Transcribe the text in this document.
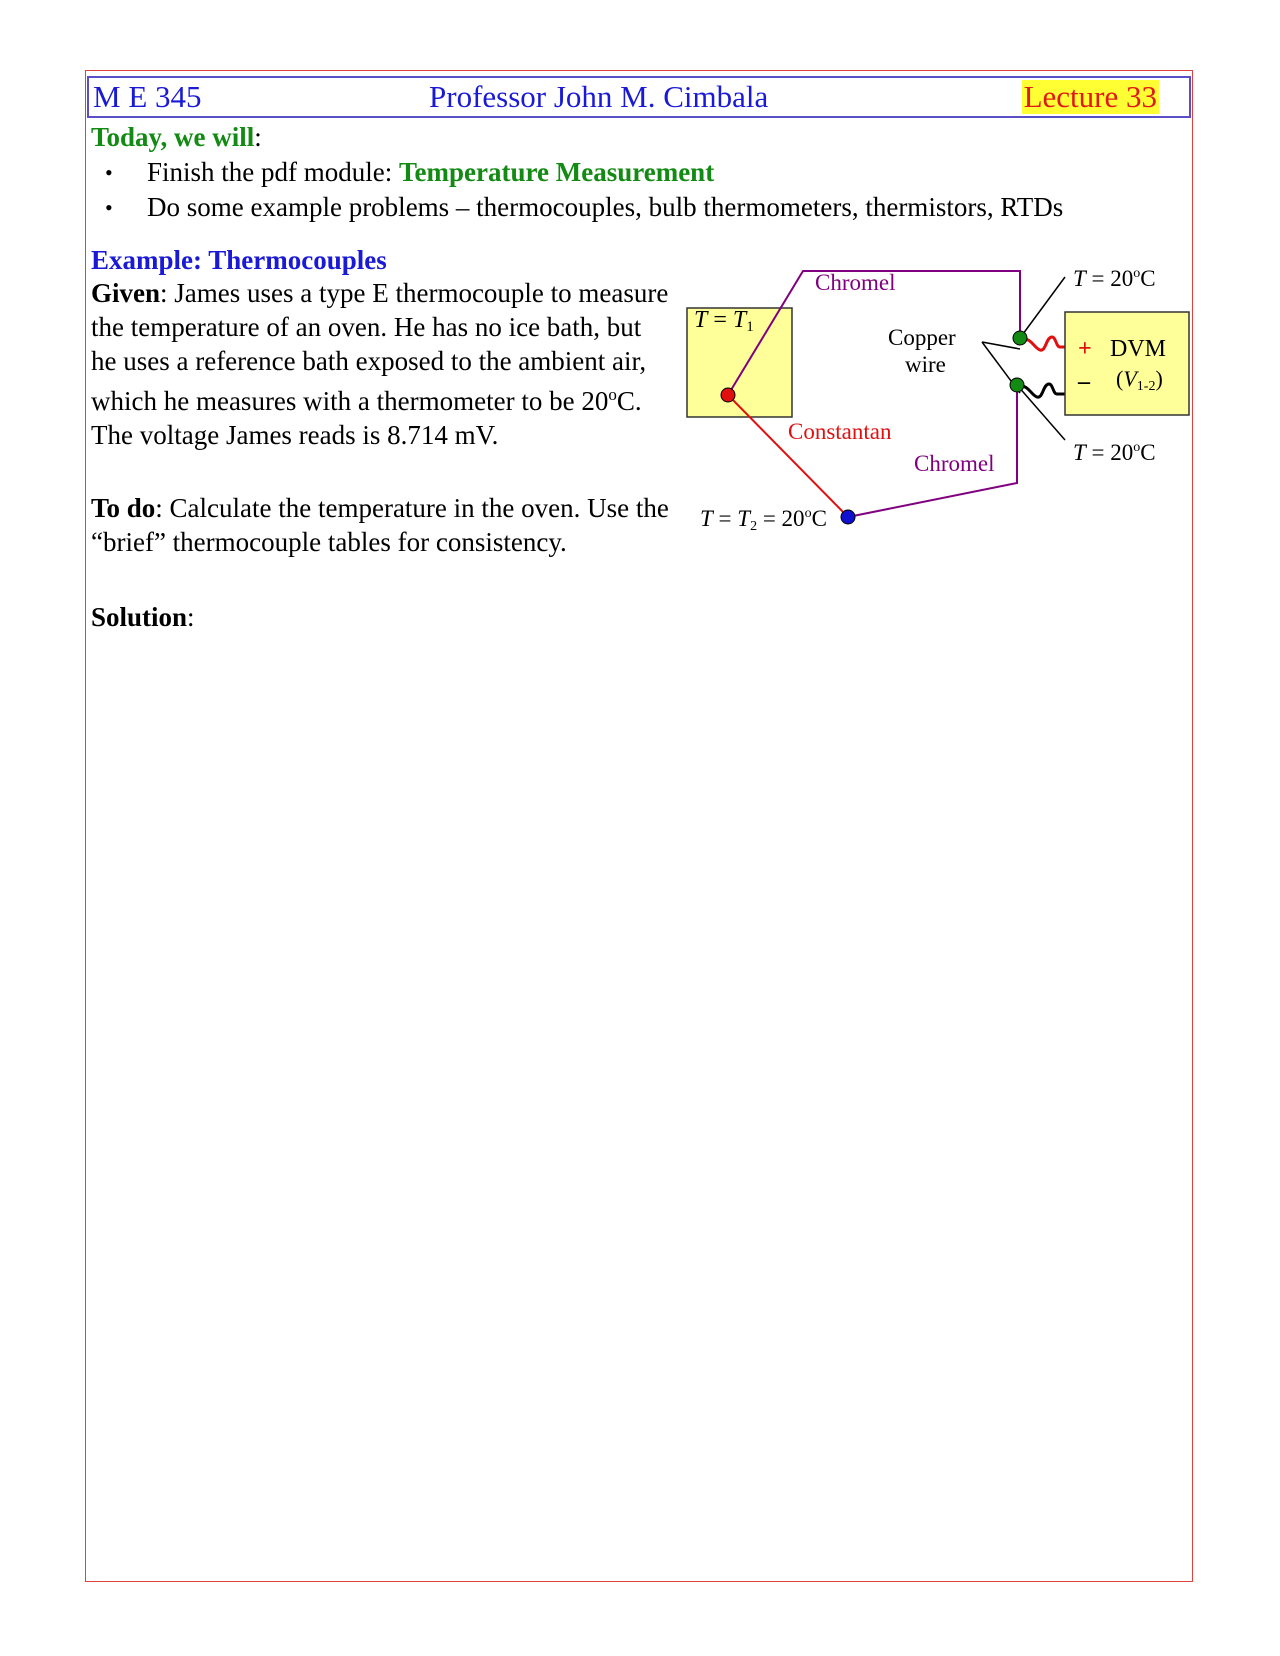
M E 345	Professor John M. Cimbala	Lecture 33
Today, we will:
• Finish the pdf module: Temperature Measurement
• Do some example problems – thermocouples, bulb thermometers, thermistors, RTDs
Example: Thermocouples

Given: James uses a type E thermocouple to measure the temperature of an oven. He has no ice bath, but he uses a reference bath exposed to the ambient air, which he measures with a thermometer to be 20$^o$C. The voltage James reads is 8.714 mV.

To do: Calculate the temperature in the oven. Use the “brief” thermocouple tables for consistency.

Solution:
T = T1
Chromel
Constantan
Chromel
Copper
wire
$T = T2 = 20^oC$
$T = 20^oC$
$T = 20^oC$
+
–
DVM
(V1-2)
